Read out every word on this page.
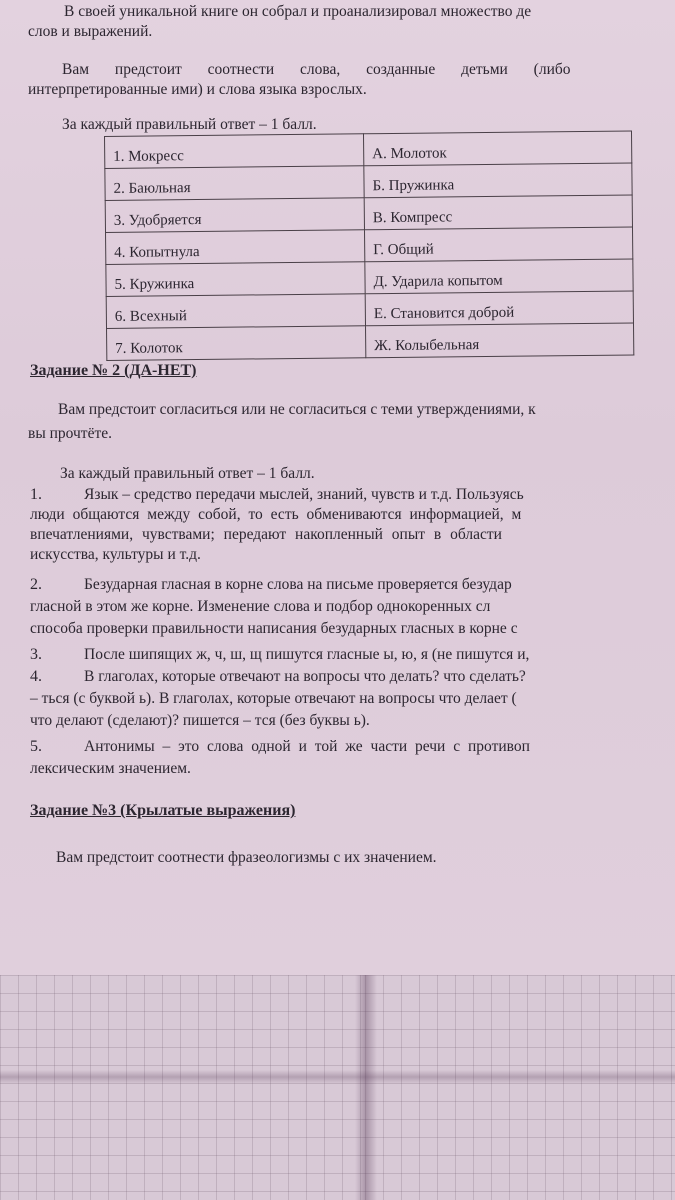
В своей уникальной книге он собрал и проанализировал множество де
слов и выражений.
Вам предстоит соотнести слова, созданные детьми (либо
интерпретированные ими) и слова языка взрослых.
За каждый правильный ответ – 1 балл.
1. Мокресс	А. Молоток
2. Баюльная	Б. Пружинка
3. Удобряется	В. Компресс
4. Копытнула	Г. Общий
5. Кружинка	Д. Ударила копытом
6. Всехный	Е. Становится доброй
7. Колоток	Ж. Колыбельная
Задание № 2 (ДА-НЕТ)
Вам предстоит согласиться или не согласиться с теми утверждениями, к
вы прочтёте.
За каждый правильный ответ – 1 балл.
1.	Язык – средство передачи мыслей, знаний, чувств и т.д. Пользуясь
люди общаются между собой, то есть обмениваются информацией, м
впечатлениями, чувствами; передают накопленный опыт в области
искусства, культуры и т.д.
2.	Безударная гласная в корне слова на письме проверяется безудар
гласной в этом же корне. Изменение слова и подбор однокоренных сл
способа проверки правильности написания безударных гласных в корне с
3.	После шипящих ж, ч, ш, щ пишутся гласные ы, ю, я (не пишутся и,
4.	В глаголах, которые отвечают на вопросы что делать? что сделать?
– ться (с буквой ь). В глаголах, которые отвечают на вопросы что делает (
что делают (сделают)? пишется – тся (без буквы ь).
5.	Антонимы – это слова одной и той же части речи с противоп
лексическим значением.
Задание №3 (Крылатые выражения)
Вам предстоит соотнести фразеологизмы с их значением.
